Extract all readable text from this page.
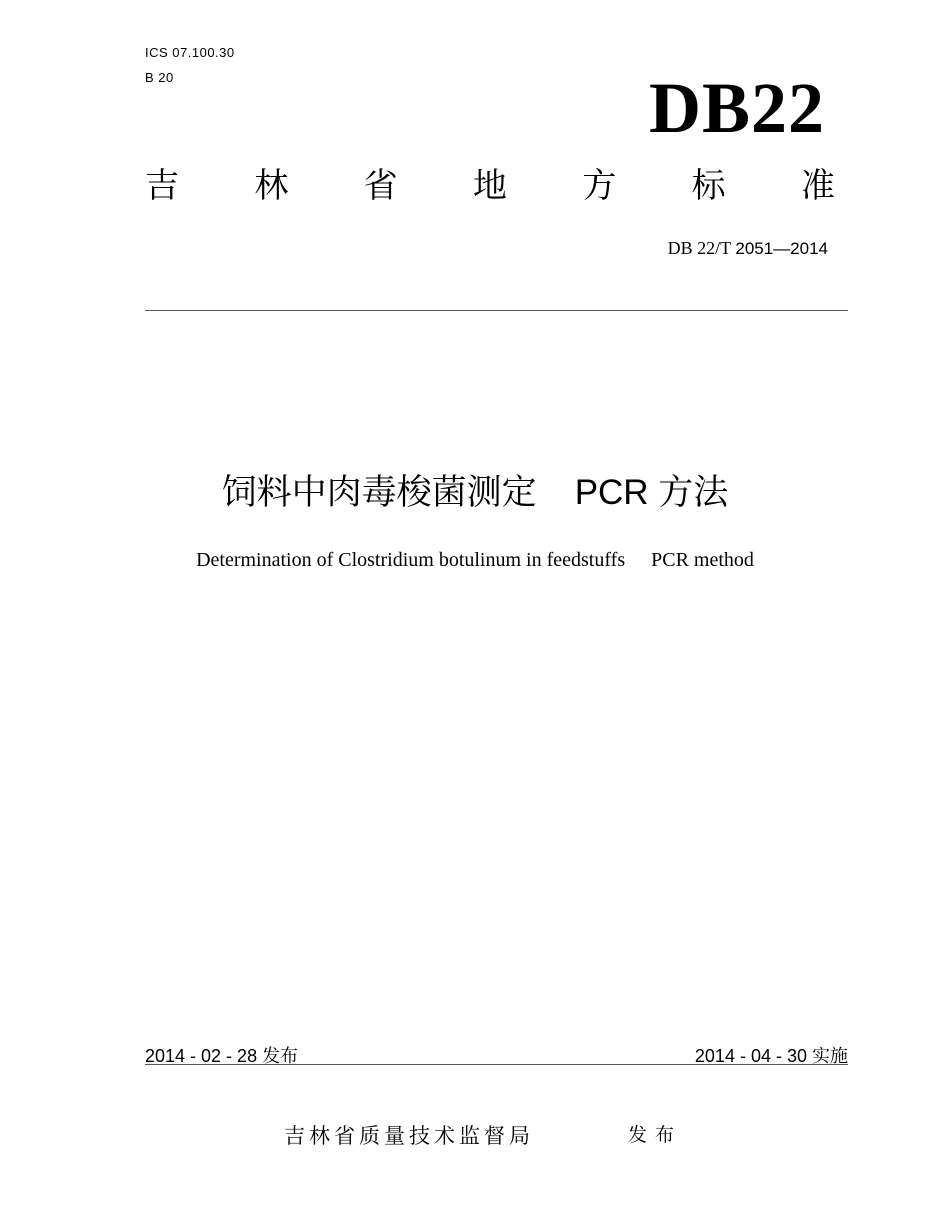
ICS 07.100.30
B 20	DB22
吉 林 省 地 方 标 准
DB 22/T 2051—2014
饲料中肉毒梭菌测定 PCR 方法
Determination of Clostridium botulinum in feedstuffs PCR method
2014 - 02 - 28 发布	2014 - 04 - 30 实施
吉林省质量技术监督局	发布
